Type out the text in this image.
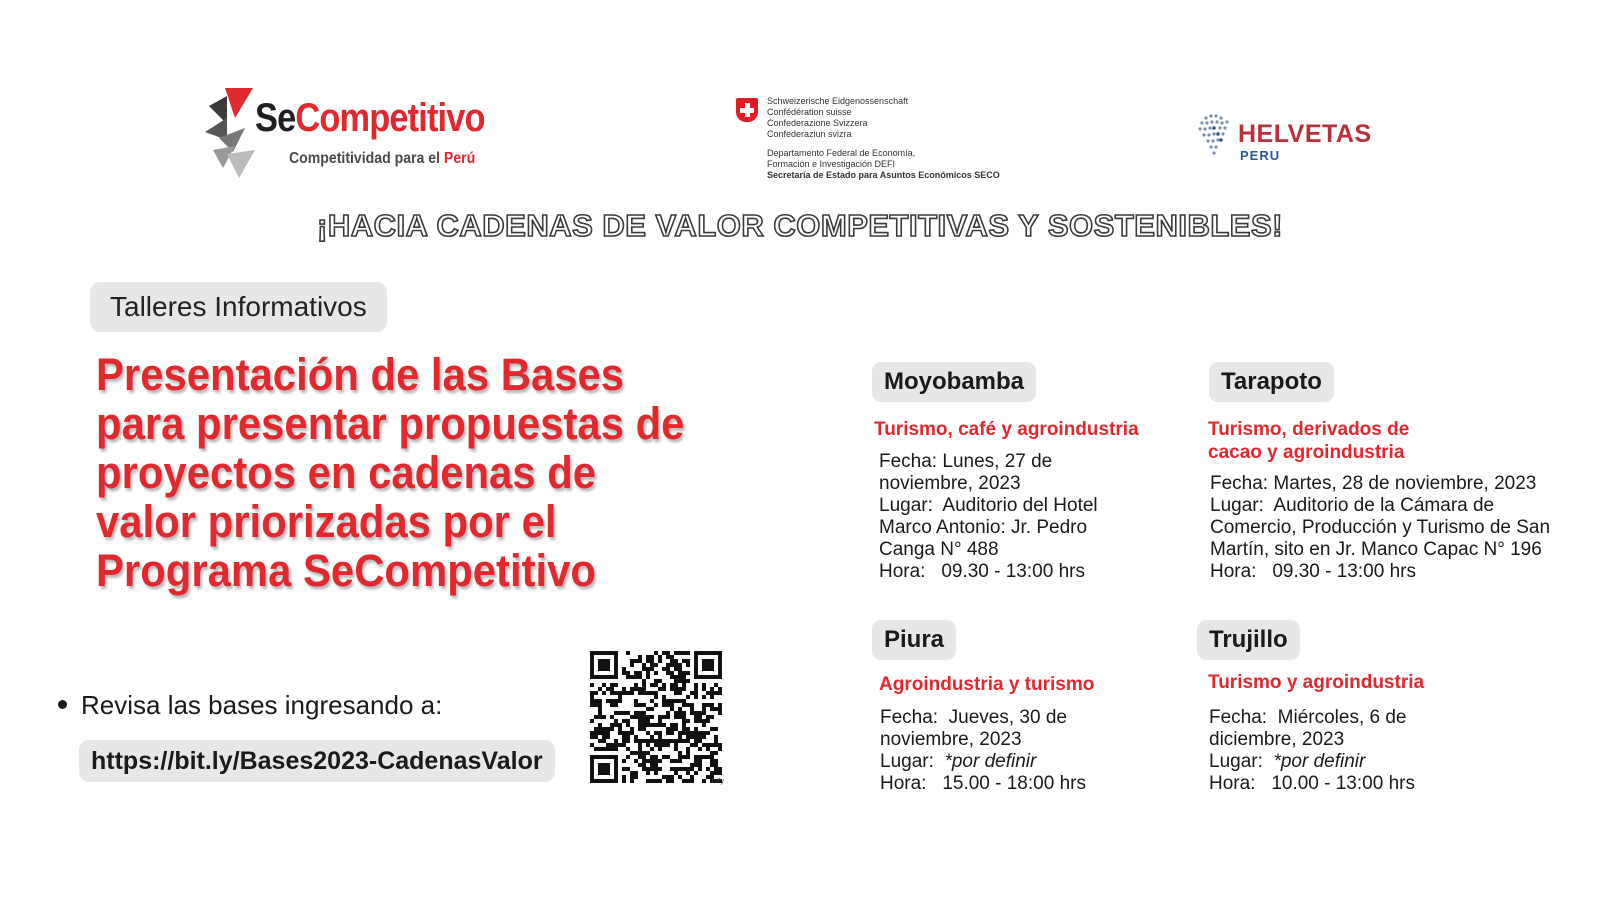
SeCompetitivo
Competitividad para el Perú
Schweizerische Eidgenossenschaft
Confédération suisse
Confederazione Svizzera
Confederaziun svizra
Departamento Federal de Economía,
Formación e Investigación DEFI
Secretaría de Estado para Asuntos Económicos SECO
HELVETAS
PERU
¡HACIA CADENAS DE VALOR COMPETITIVAS Y SOSTENIBLES!
Talleres Informativos
Presentación de las Bases para presentar propuestas de proyectos en cadenas de valor priorizadas por el Programa SeCompetitivo
Revisa las bases ingresando a:
https://bit.ly/Bases2023-CadenasValor
bitly
Moyobamba
Turismo, café y agroindustria
Fecha: Lunes, 27 de noviembre, 2023
Lugar: Auditorio del Hotel Marco Antonio: Jr. Pedro Canga N° 488
Hora: 09.30 - 13:00 hrs
Tarapoto
Turismo, derivados de cacao y agroindustria
Fecha: Martes, 28 de noviembre, 2023
Lugar: Auditorio de la Cámara de Comercio, Producción y Turismo de San Martín, sito en Jr. Manco Capac N° 196
Hora: 09.30 - 13:00 hrs
Piura
Agroindustria y turismo
Fecha: Jueves, 30 de noviembre, 2023
Lugar: *por definir
Hora: 15.00 - 18:00 hrs
Trujillo
Turismo y agroindustria
Fecha: Miércoles, 6 de diciembre, 2023
Lugar: *por definir
Hora: 10.00 - 13:00 hrs
